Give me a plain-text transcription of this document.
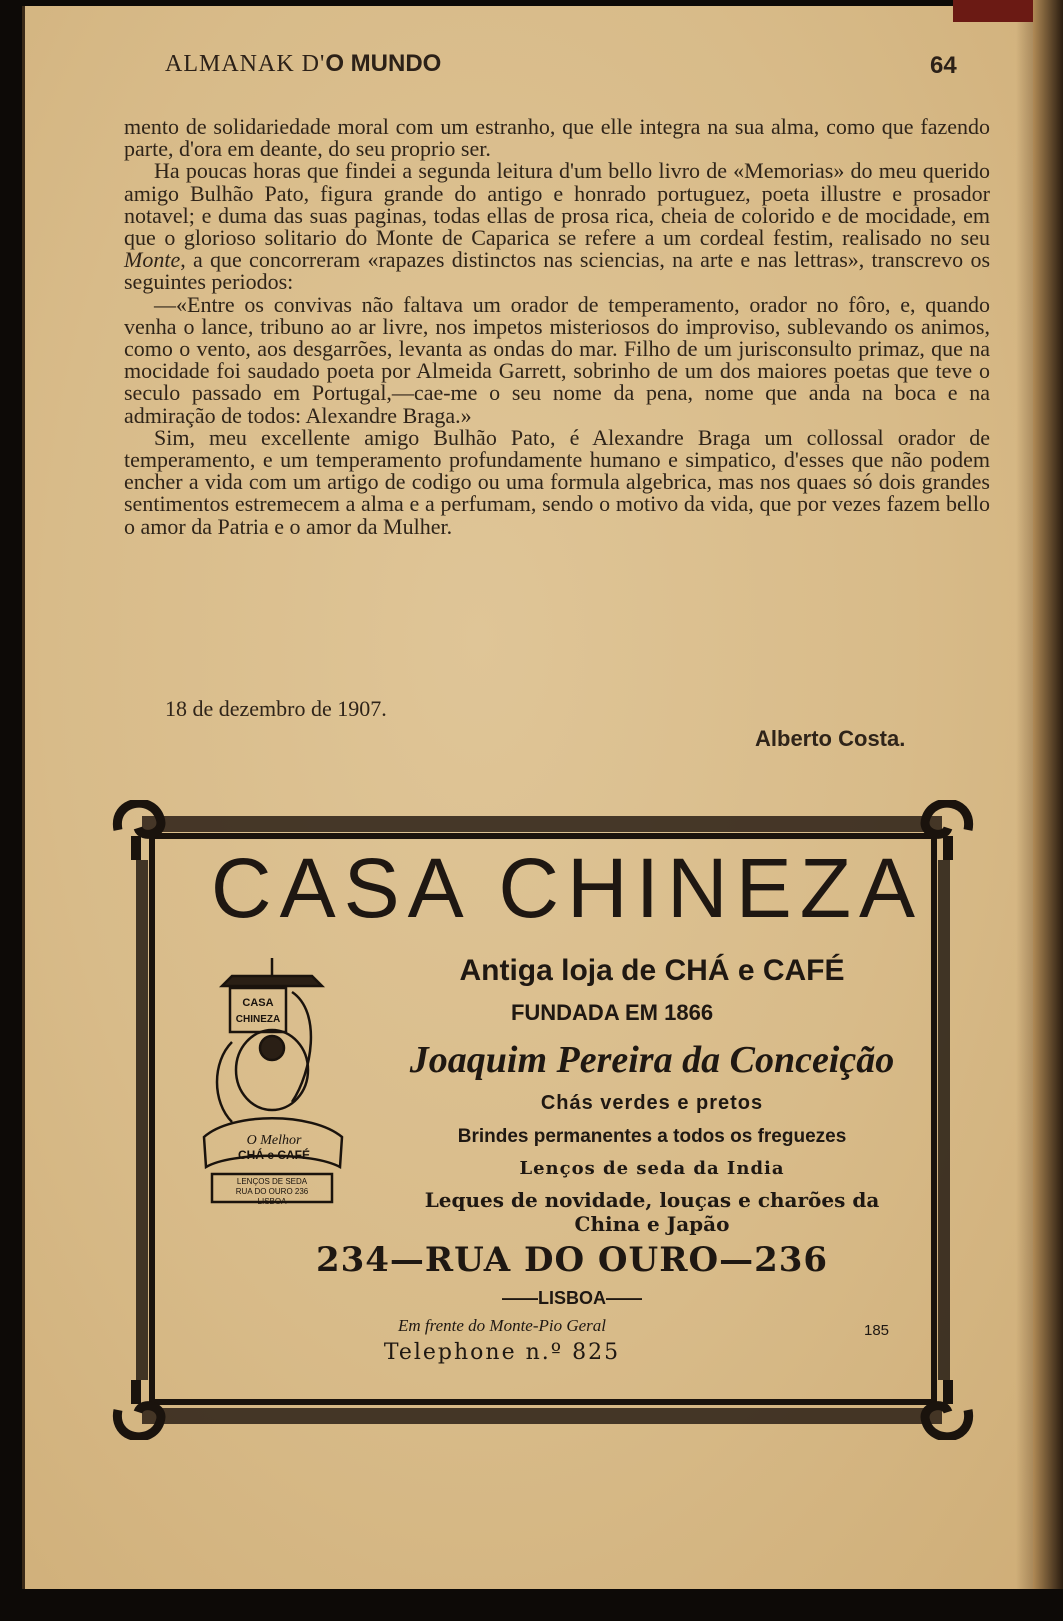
ALMANAK D'O MUNDO	64

mento de solidariedade moral com um estranho, que elle integra na sua alma, como que fazendo parte, d'ora em deante, do seu proprio ser.

Ha poucas horas que findei a segunda leitura d'um bello livro de «Memorias» do meu querido amigo Bulhão Pato, figura grande do antigo e honrado portuguez, poeta illustre e prosador notavel; e duma das suas paginas, todas ellas de prosa rica, cheia de colorido e de mocidade, em que o glorioso solitario do Monte de Caparica se refere a um cordeal festim, realisado no seu Monte, a que concorreram «rapazes distinctos nas sciencias, na arte e nas lettras», transcrevo os seguintes periodos:

—«Entre os convivas não faltava um orador de temperamento, orador no fôro, e, quando venha o lance, tribuno ao ar livre, nos impetos misteriosos do improviso, sublevando os animos, como o vento, aos desgarrões, levanta as ondas do mar. Filho de um jurisconsulto primaz, que na mocidade foi saudado poeta por Almeida Garrett, sobrinho de um dos maiores poetas que teve o seculo passado em Portugal,—cae-me o seu nome da pena, nome que anda na boca e na admiração de todos: Alexandre Braga.»

Sim, meu excellente amigo Bulhão Pato, é Alexandre Braga um collossal orador de temperamento, e um temperamento profundamente humano e simpatico, d'esses que não podem encher a vida com um artigo de codigo ou uma formula algebrica, mas nos quaes só dois grandes sentimentos estremecem a alma e a perfumam, sendo o motivo da vida, que por vezes fazem bello o amor da Patria e o amor da Mulher.

18 de dezembro de 1907.
Alberto Costa.
CASA CHINEZA
CASA
CHINEZA
O Melhor
CHÁ e CAFÉ
LENÇOS DE SEDA
RUA DO OURO 236
LISBOA
Antiga loja de CHÁ e CAFÉ
FUNDADA EM 1866
Joaquim Pereira da Conceição
Chás verdes e pretos
Brindes permanentes a todos os freguezes
Lenços de seda da India
Leques de novidade, louças e charões da China e Japão
234—RUA DO OURO—236
——LISBOA——
Em frente do Monte-Pio Geral
Telephone n.º 825
185
